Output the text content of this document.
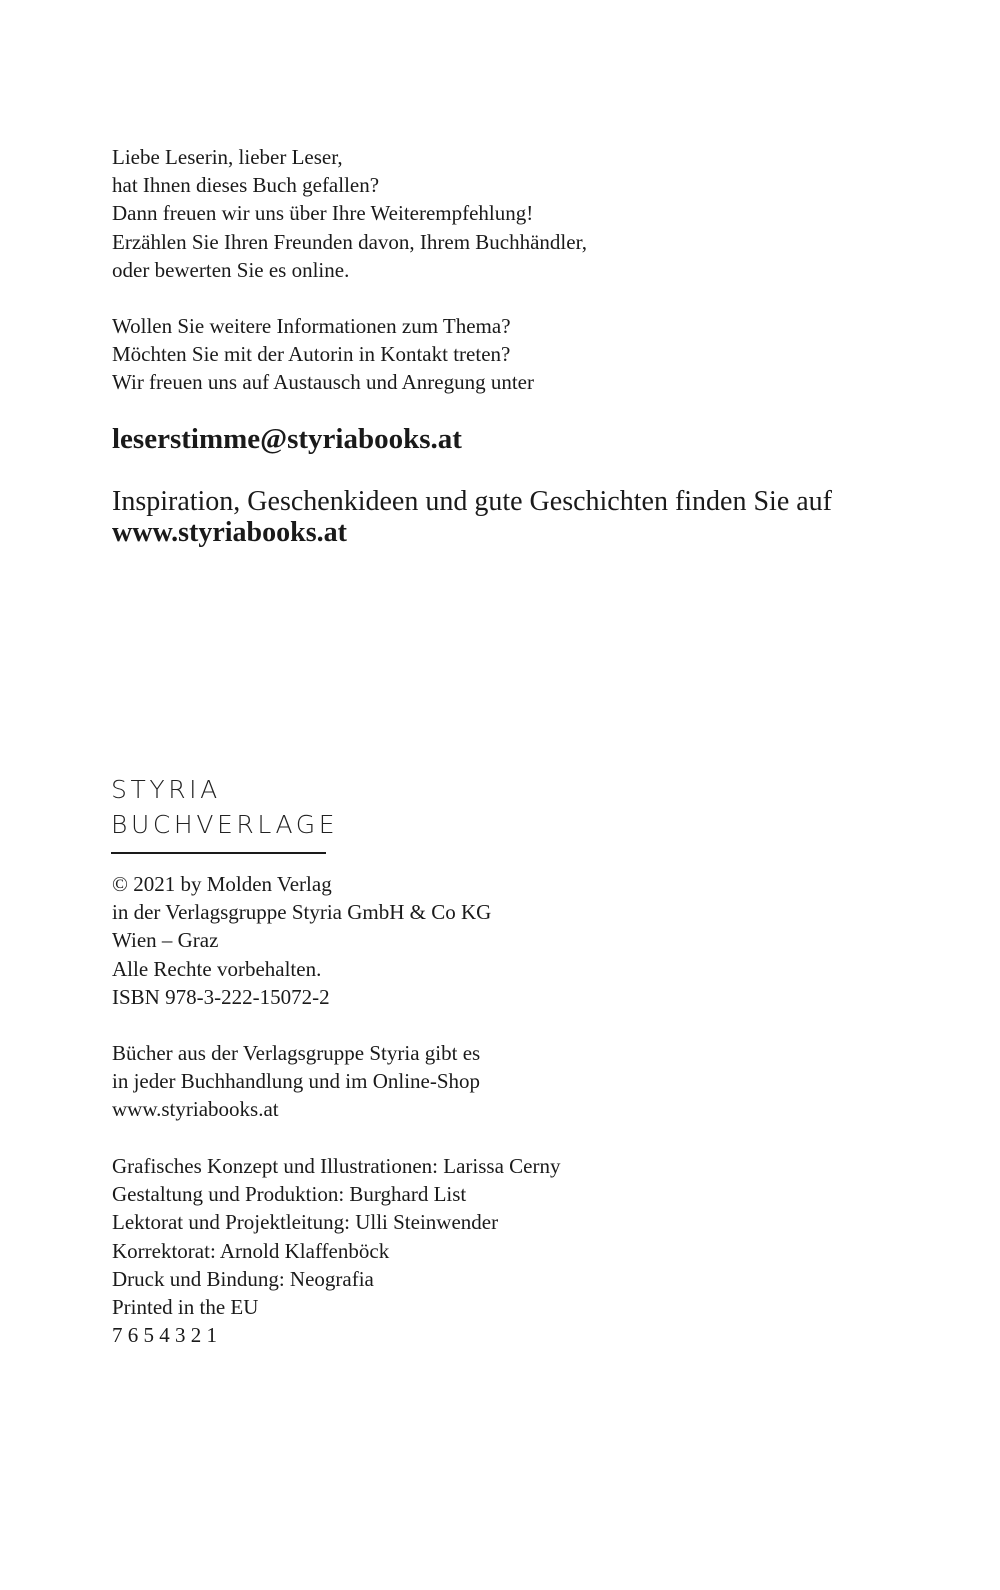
Liebe Leserin, lieber Leser,
hat Ihnen dieses Buch gefallen?
Dann freuen wir uns über Ihre Weiterempfehlung!
Erzählen Sie Ihren Freunden davon, Ihrem Buchhändler,
oder bewerten Sie es online.
Wollen Sie weitere Informationen zum Thema?
Möchten Sie mit der Autorin in Kontakt treten?
Wir freuen uns auf Austausch und Anregung unter
leserstimme@styriabooks.at
Inspiration, Geschenkideen und gute Geschichten finden Sie auf
www.styriabooks.at
STYRIA
BUCHVERLAGE
© 2021 by Molden Verlag
in der Verlagsgruppe Styria GmbH & Co KG
Wien – Graz
Alle Rechte vorbehalten.
ISBN 978-3-222-15072-2
Bücher aus der Verlagsgruppe Styria gibt es
in jeder Buchhandlung und im Online-Shop
www.styriabooks.at
Grafisches Konzept und Illustrationen: Larissa Cerny
Gestaltung und Produktion: Burghard List
Lektorat und Projektleitung: Ulli Steinwender
Korrektorat: Arnold Klaffenböck
Druck und Bindung: Neografia
Printed in the EU
7 6 5 4 3 2 1
